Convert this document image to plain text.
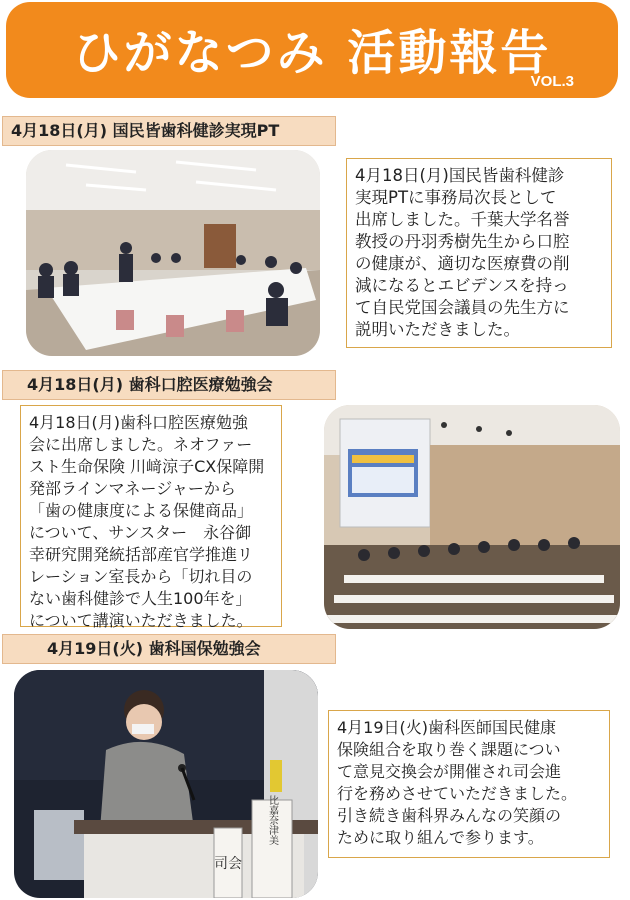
ひがなつみ 活動報告
VOL.3
4月18日(月) 国民皆歯科健診実現PT
4月18日(月)国民皆歯科健診
実現PTに事務局次長として
出席しました。千葉大学名誉
教授の丹羽秀樹先生から口腔
の健康が、適切な医療費の削
減になるとエビデンスを持っ
て自民党国会議員の先生方に
説明いただきました。
4月18日(月) 歯科口腔医療勉強会
4月18日(月)歯科口腔医療勉強
会に出席しました。ネオファー
スト生命保険 川﨑涼子CX保障開
発部ラインマネージャーから
「歯の健康度による保健商品」
について、サンスター　永谷御
幸研究開発統括部産官学推進リ
レーション室長から「切れ目の
ない歯科健診で人生100年を」
について講演いただきました。
4月19日(火) 歯科国保勉強会
司会
比嘉奈津美
4月19日(火)歯科医師国民健康
保険組合を取り巻く課題につい
て意見交換会が開催され司会進
行を務めさせていただきました。
引き続き歯科界みんなの笑顔の
ために取り組んで参ります。
